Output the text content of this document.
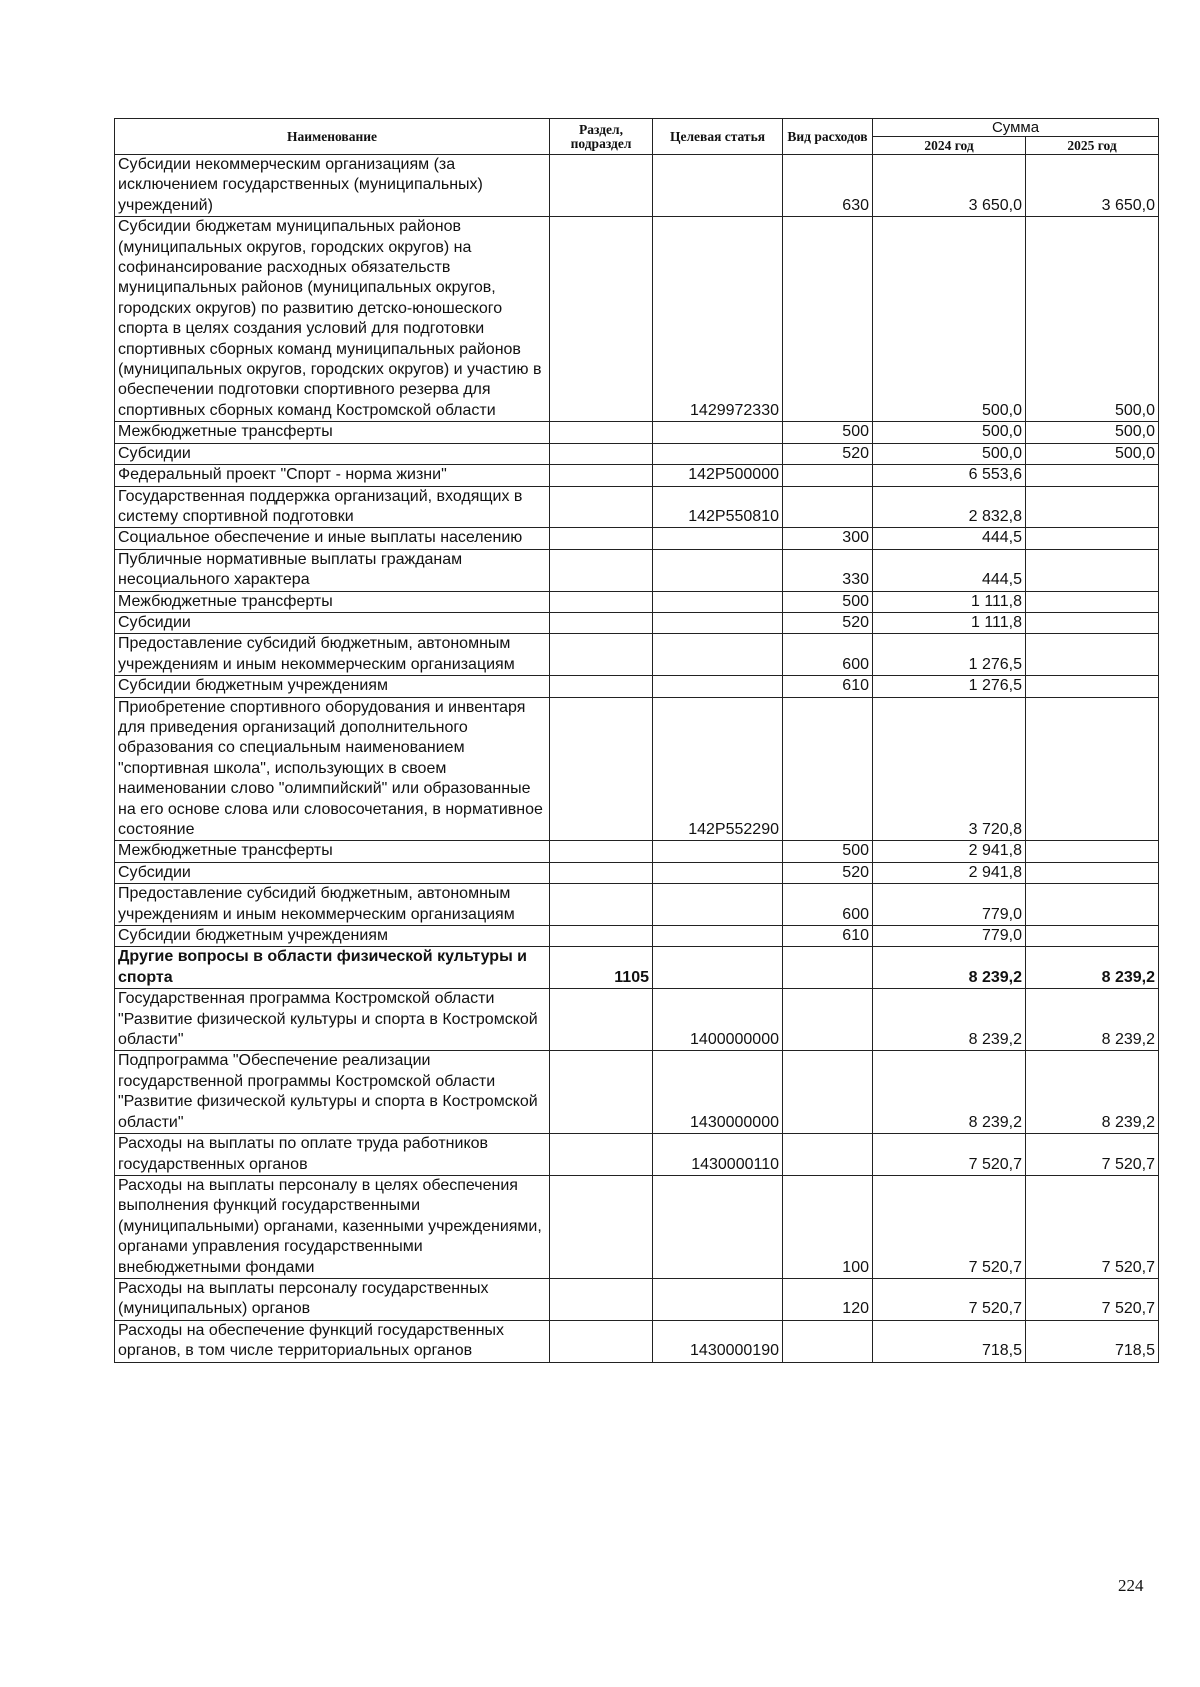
Наименование	Раздел, подраздел	Целевая статья	Вид расходов	Сумма	
				2024 год	2025 год
Субсидии некоммерческим организациям (за исключением государственных (муниципальных) учреждений)			630	3 650,0	3 650,0
Субсидии бюджетам муниципальных районов (муниципальных округов, городских округов) на софинансирование расходных обязательств муниципальных районов (муниципальных округов, городских округов) по развитию детско-юношеского спорта в целях создания условий для подготовки спортивных сборных команд муниципальных районов (муниципальных округов, городских округов) и участию в обеспечении подготовки спортивного резерва для спортивных сборных команд Костромской области		1429972330		500,0	500,0
Межбюджетные трансферты			500	500,0	500,0
Субсидии			520	500,0	500,0
Федеральный проект "Спорт - норма жизни"		142P500000		6 553,6	
Государственная поддержка организаций, входящих в систему спортивной подготовки		142P550810		2 832,8	
Социальное обеспечение и иные выплаты населению			300	444,5	
Публичные нормативные выплаты гражданам несоциального характера			330	444,5	
Межбюджетные трансферты			500	1 111,8	
Субсидии			520	1 111,8	
Предоставление субсидий бюджетным, автономным учреждениям и иным некоммерческим организациям			600	1 276,5	
Субсидии бюджетным учреждениям			610	1 276,5	
Приобретение спортивного оборудования и инвентаря для приведения организаций дополнительного образования со специальным наименованием "спортивная школа", использующих в своем наименовании слово "олимпийский" или образованные на его основе слова или словосочетания, в нормативное состояние		142P552290		3 720,8	
Межбюджетные трансферты			500	2 941,8	
Субсидии			520	2 941,8	
Предоставление субсидий бюджетным, автономным учреждениям и иным некоммерческим организациям			600	779,0	
Субсидии бюджетным учреждениям			610	779,0	
Другие вопросы в области физической культуры и спорта	1105			8 239,2	8 239,2
Государственная программа Костромской области "Развитие физической культуры и спорта в Костромской области"		1400000000		8 239,2	8 239,2
Подпрограмма "Обеспечение реализации государственной программы Костромской области "Развитие физической культуры и спорта в Костромской области"		1430000000		8 239,2	8 239,2
Расходы на выплаты по оплате труда работников государственных органов		1430000110		7 520,7	7 520,7
Расходы на выплаты персоналу в целях обеспечения выполнения функций государственными (муниципальными) органами, казенными учреждениями, органами управления государственными внебюджетными фондами			100	7 520,7	7 520,7
Расходы на выплаты персоналу государственных (муниципальных) органов			120	7 520,7	7 520,7
Расходы на обеспечение функций государственных органов, в том числе территориальных органов		1430000190		718,5	718,5
224
